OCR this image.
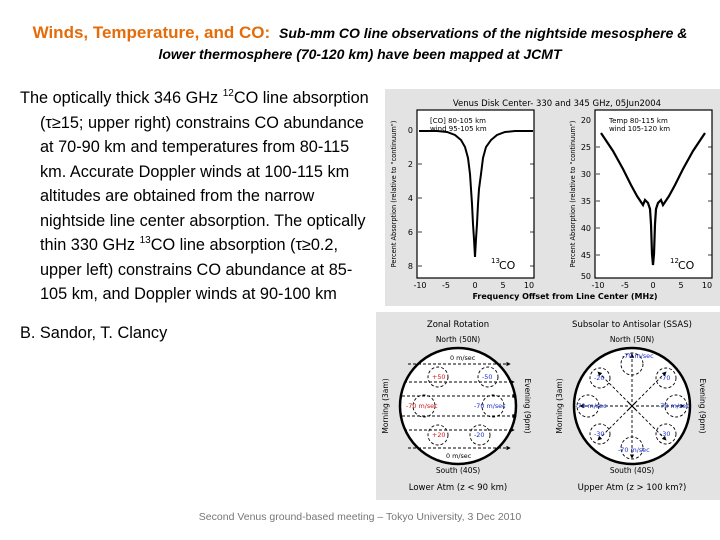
Winds, Temperature, and CO: Sub-mm CO line observations of the nightside mesosphere &
lower thermosphere (70-120 km) have been mapped at JCMT

The optically thick 346 GHz $^{12}$CO line absorption (τ≥15; upper right) constrains CO abundance at 70-90 km and temperatures from 80-115 km. Accurate Doppler winds at 100-115 km altitudes are obtained from the narrow nightside line center absorption. The optically thin 330 GHz $^{13}$CO line absorption (τ≥0.2, upper left) constrains CO abundance at 85-105 km, and Doppler winds at 90-100 km

B. Sandor, T. Clancy

Venus Disk Center- 330 and 345 GHz, 05Jun2004
[CO] 80-105 km
wind 95-105 km
0
2
4
6
8
13 CO
Percent Absorption (relative to "continuum")	Temp 80-115 km
wind 105-120 km
20
25
30
35
40
45
50
12 CO
Percent Absorption (relative to "continuum")
-10 -5	0	5 10	-10 -5	0	5 10
Frequency Offset from Line Center (MHz)
Zonal Rotation
North (50N)
0 m/sec
+50	-50
-70 m/sec	-70 m/sec
+20	-20
0 m/sec
South (40S)
Morning (3am)	Evening (9pm)
Lower Atm (z < 90 km)
Subsolar to Antisolar (SSAS)
North (50N)
-70 m/sec
-20	-70
-70 m/sec	-70 m/sec
-30	-30
-70 m/sec
South (40S)
Morning (3am)	Evening (9pm)
Upper Atm (z > 100 km?)
Second Venus ground-based meeting – Tokyo University, 3 Dec 2010
